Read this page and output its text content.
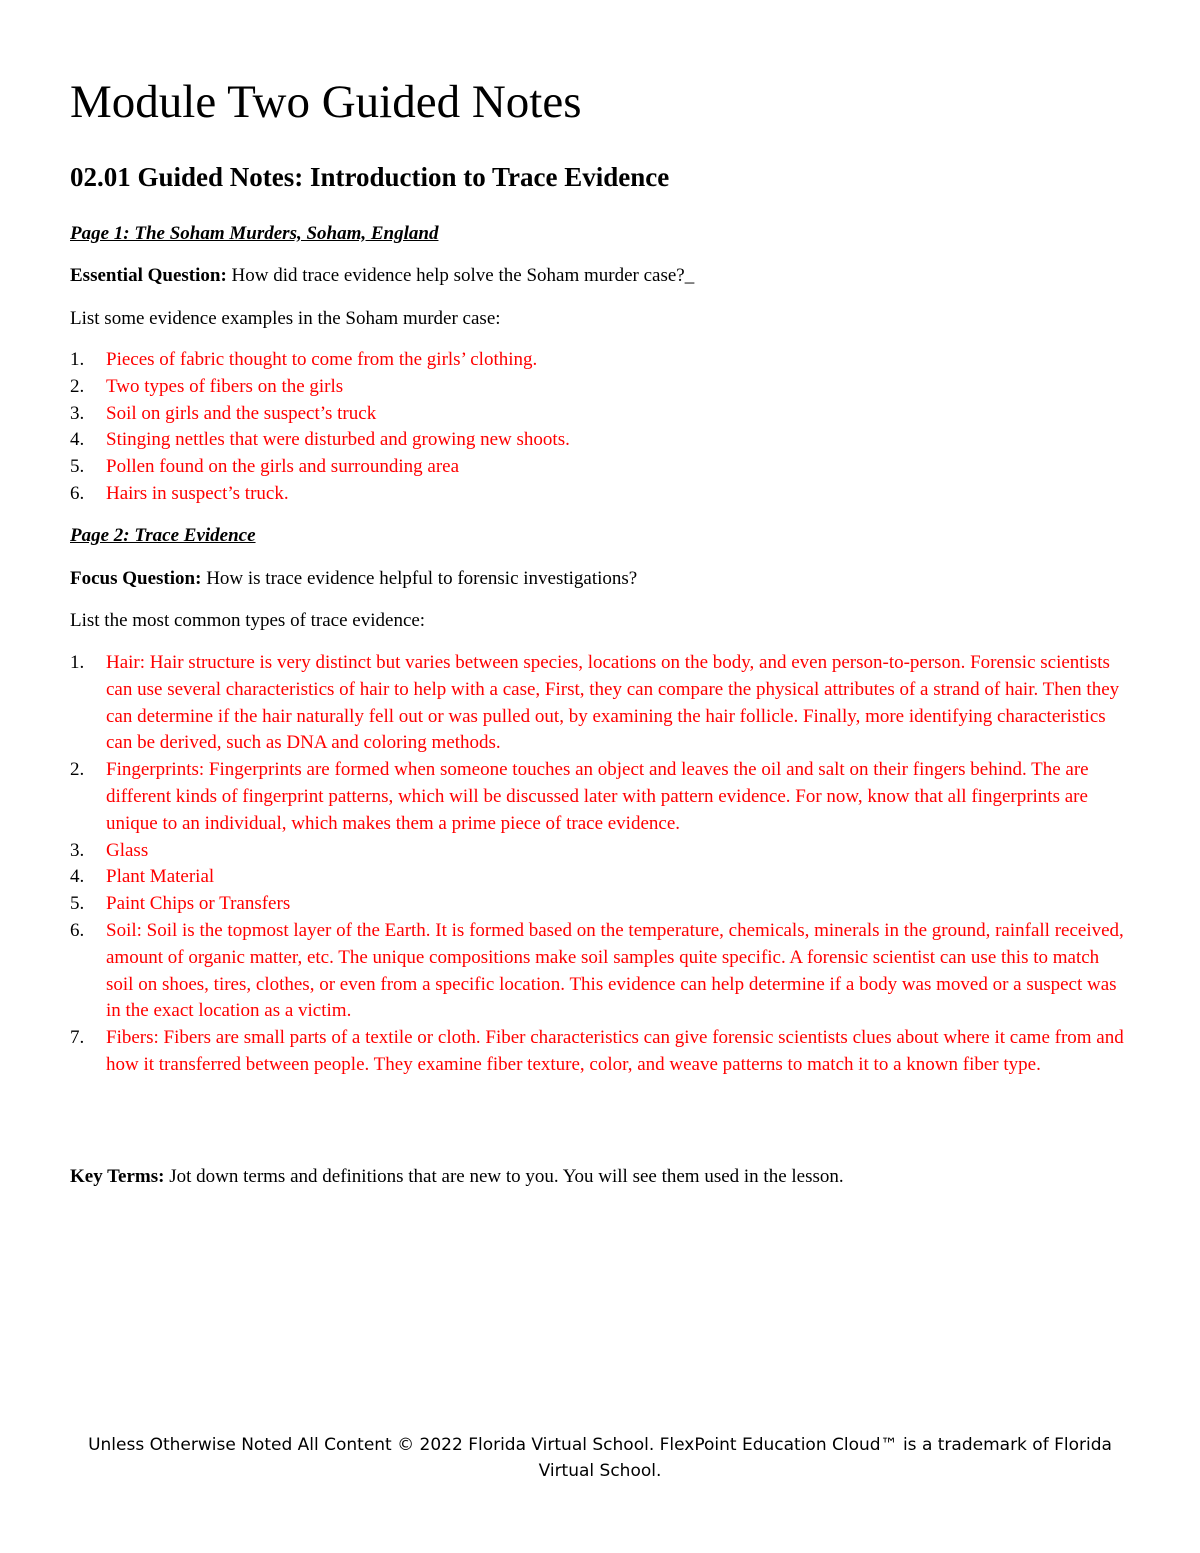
Module Two Guided Notes
02.01 Guided Notes: Introduction to Trace Evidence

Page 1: The Soham Murders, Soham, England

Essential Question: How did trace evidence help solve the Soham murder case?_

List some evidence examples in the Soham murder case:

1. Pieces of fabric thought to come from the girls’ clothing.
2. Two types of fibers on the girls
3. Soil on girls and the suspect’s truck
4. Stinging nettles that were disturbed and growing new shoots.
5. Pollen found on the girls and surrounding area
6. Hairs in suspect’s truck.

Page 2: Trace Evidence

Focus Question: How is trace evidence helpful to forensic investigations?

List the most common types of trace evidence:

1. Hair: Hair structure is very distinct but varies between species, locations on the body, and even person-to-person. Forensic scientists can use several characteristics of hair to help with a case, First, they can compare the physical attributes of a strand of hair. Then they can determine if the hair naturally fell out or was pulled out, by examining the hair follicle. Finally, more identifying characteristics can be derived, such as DNA and coloring methods.
2. Fingerprints: Fingerprints are formed when someone touches an object and leaves the oil and salt on their fingers behind. The are different kinds of fingerprint patterns, which will be discussed later with pattern evidence. For now, know that all fingerprints are unique to an individual, which makes them a prime piece of trace evidence.
3. Glass
4. Plant Material
5. Paint Chips or Transfers
6. Soil: Soil is the topmost layer of the Earth. It is formed based on the temperature, chemicals, minerals in the ground, rainfall received, amount of organic matter, etc. The unique compositions make soil samples quite specific. A forensic scientist can use this to match soil on shoes, tires, clothes, or even from a specific location. This evidence can help determine if a body was moved or a suspect was in the exact location as a victim.
7. Fibers: Fibers are small parts of a textile or cloth. Fiber characteristics can give forensic scientists clues about where it came from and how it transferred between people. They examine fiber texture, color, and weave patterns to match it to a known fiber type.

Key Terms: Jot down terms and definitions that are new to you. You will see them used in the lesson.

Unless Otherwise Noted All Content © 2022 Florida Virtual School. FlexPoint Education Cloud™ is a trademark of Florida Virtual School.
